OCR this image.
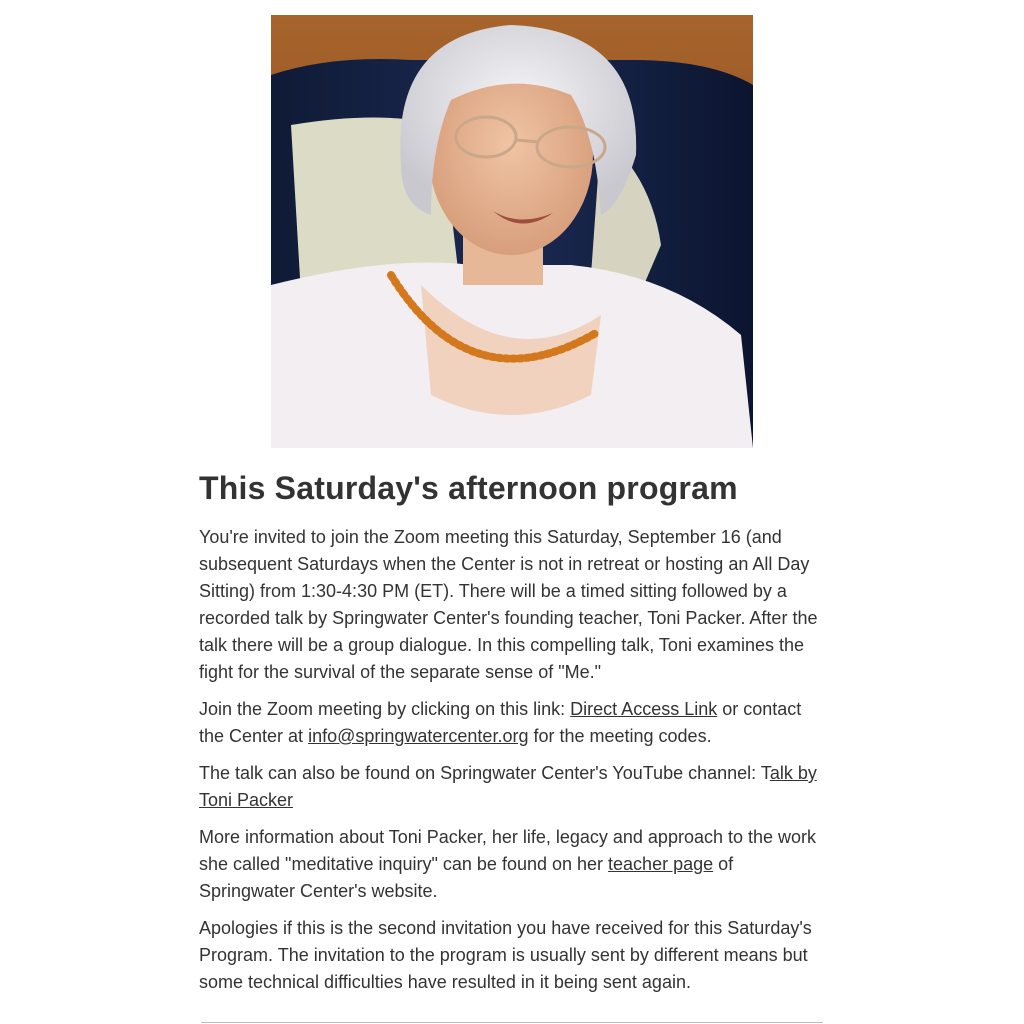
This Saturday's afternoon program

You're invited to join the Zoom meeting this Saturday, September 16 (and subsequent Saturdays when the Center is not in retreat or hosting an All Day Sitting) from 1:30-4:30 PM (ET). There will be a timed sitting followed by a recorded talk by Springwater Center's founding teacher, Toni Packer. After the talk there will be a group dialogue. In this compelling talk, Toni examines the fight for the survival of the separate sense of "Me."

Join the Zoom meeting by clicking on this link: Direct Access Link or contact the Center at info@springwatercenter.org for the meeting codes.

The talk can also be found on Springwater Center's YouTube channel: Talk by Toni Packer

More information about Toni Packer, her life, legacy and approach to the work she called "meditative inquiry" can be found on her teacher page of Springwater Center's website.

Apologies if this is the second invitation you have received for this Saturday's Program. The invitation to the program is usually sent by different means but some technical difficulties have resulted in it being sent again.
